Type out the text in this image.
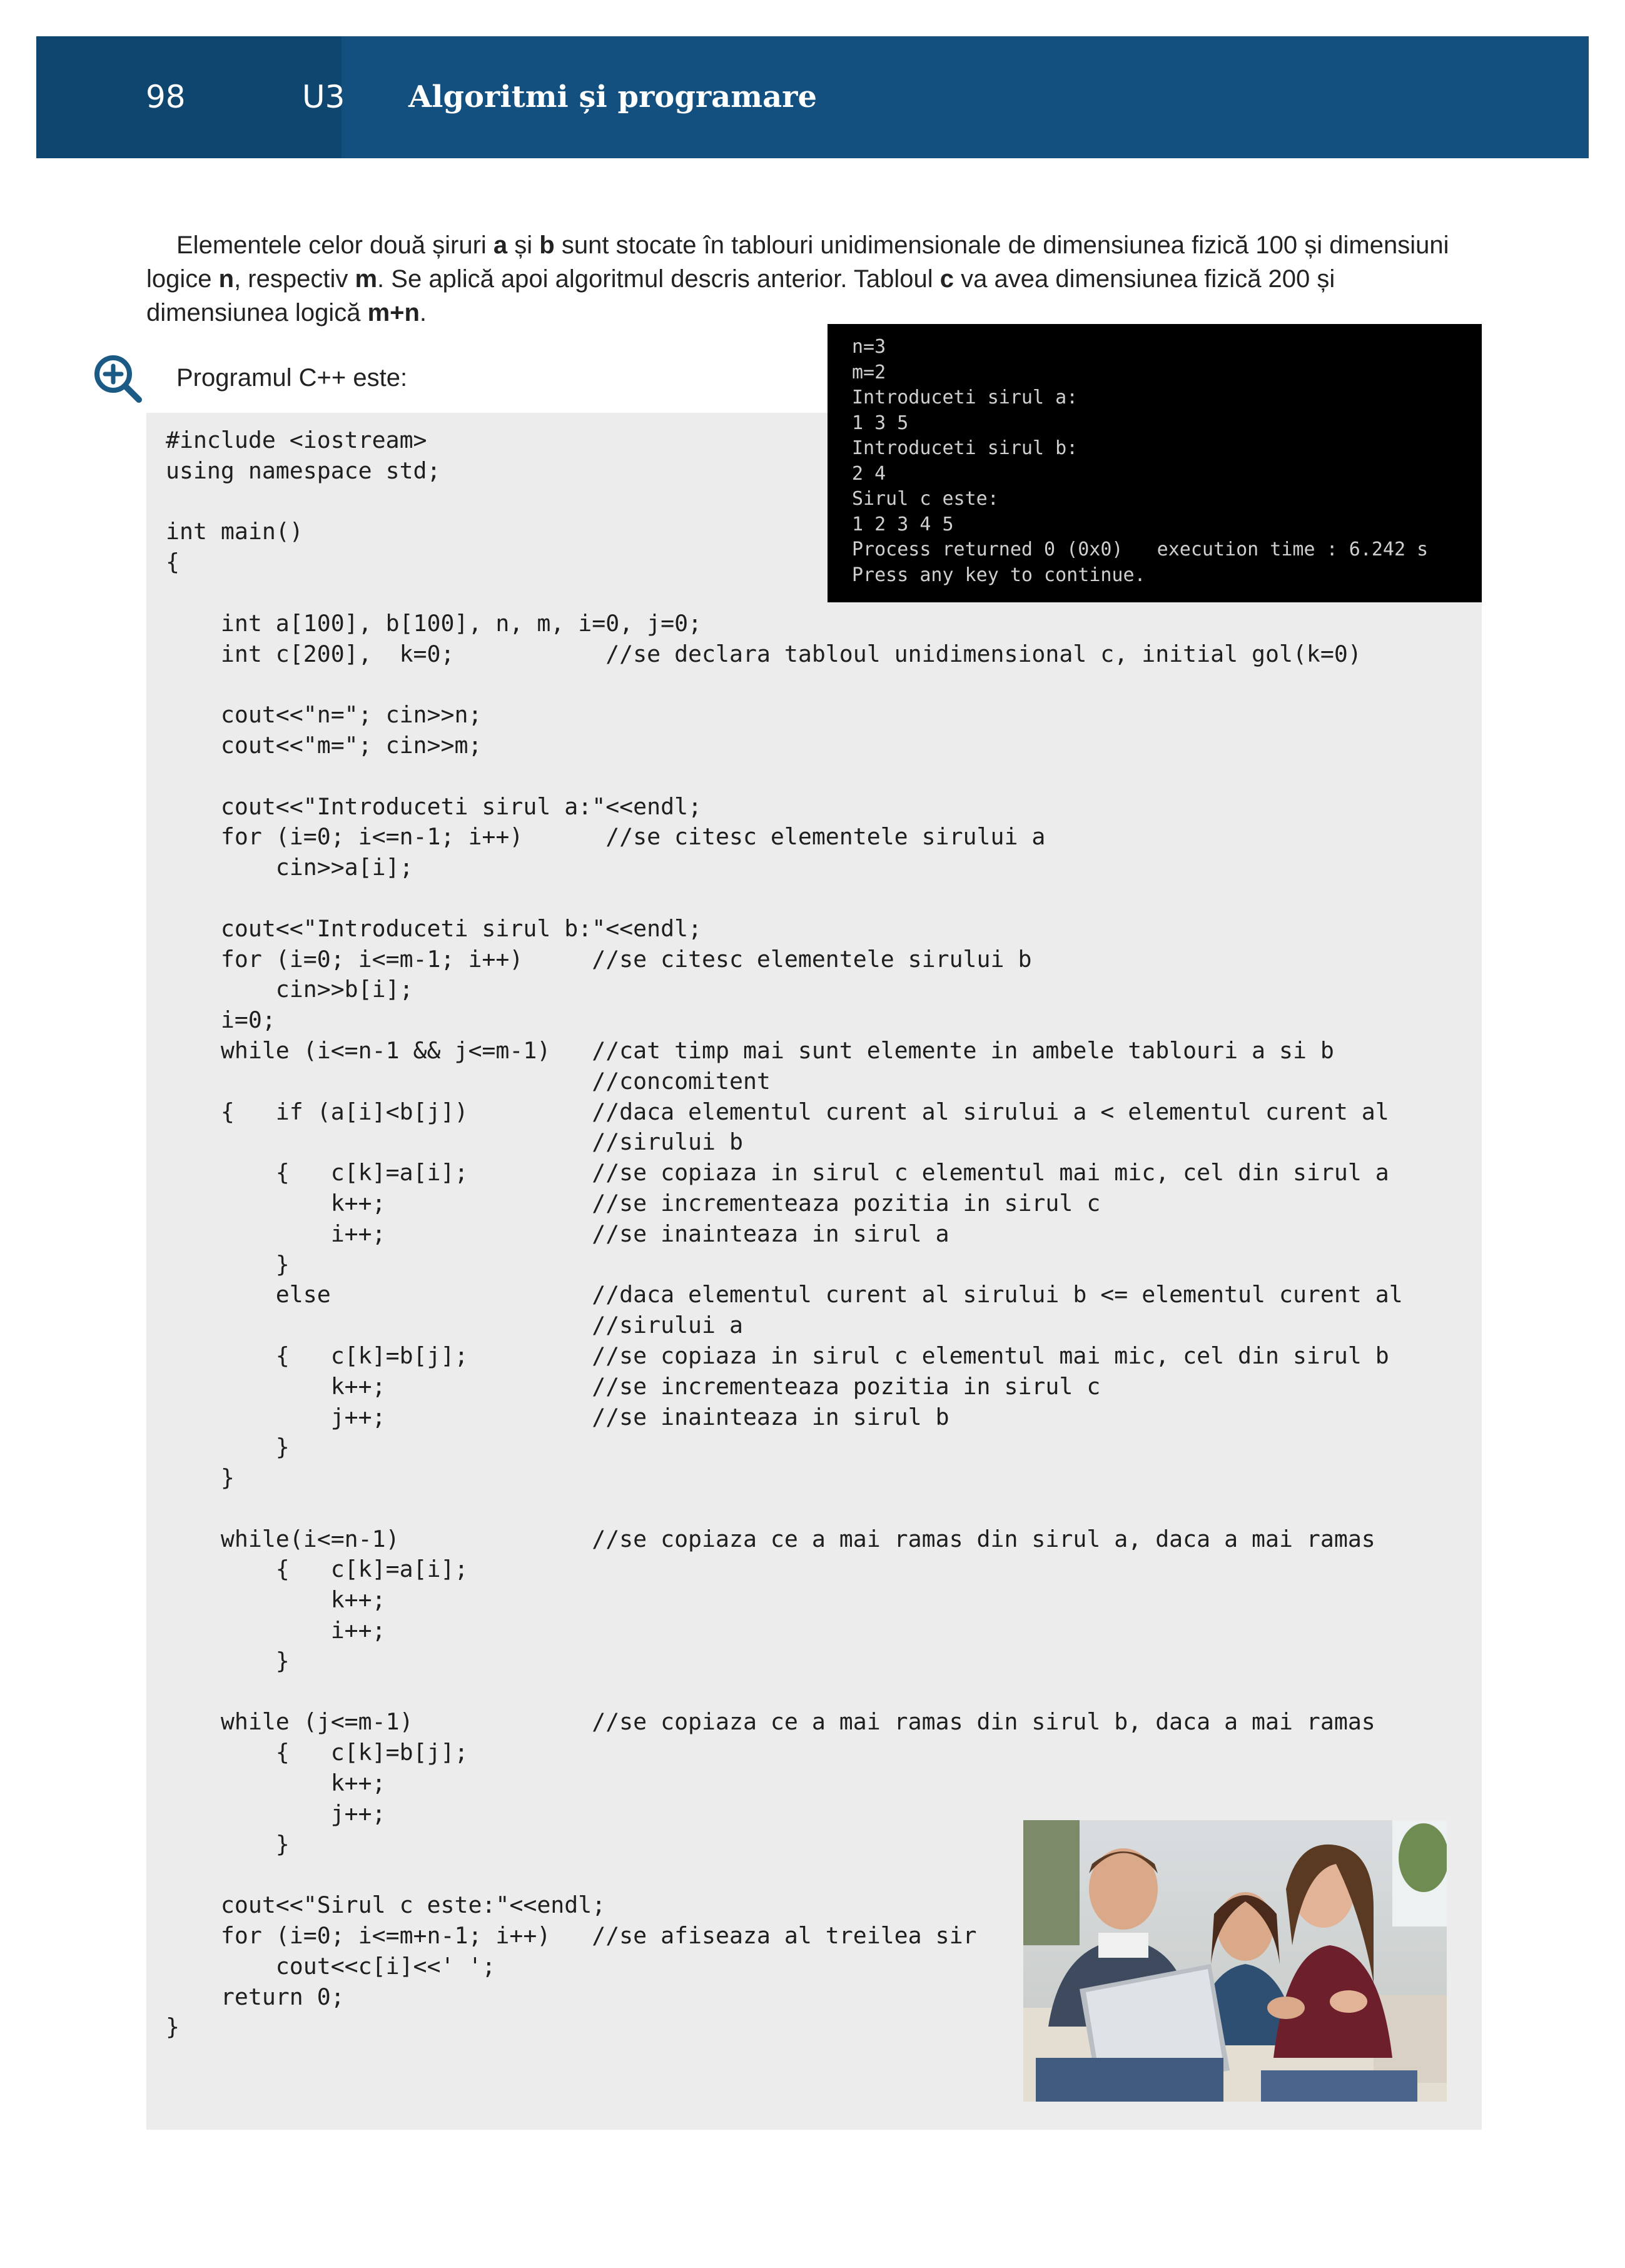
98	U3 Algoritmi și programare

Elementele celor două șiruri a și b sunt stocate în tablouri unidimensionale de dimensiunea fizică 100 și dimensiuni logice n, respectiv m. Se aplică apoi algoritmul descris anterior. Tabloul c va avea dimensiunea fizică 200 și dimensiunea logică m+n.

Programul C++ este:
#include <iostream>
using namespace std;

int main()
{

int a[100], b[100], n, m, i=0, j=0;
int c[200],  k=0;           //se declara tabloul unidimensional c, initial gol(k=0)

cout<<"n="; cin>>n;
cout<<"m="; cin>>m;

cout<<"Introduceti sirul a:"<<endl;
for (i=0; i<=n-1; i++)      //se citesc elementele sirului a
cin>>a[i];

cout<<"Introduceti sirul b:"<<endl;
for (i=0; i<=m-1; i++)     //se citesc elementele sirului b
cin>>b[i];
i=0;
while (i<=n-1 && j<=m-1)   //cat timp mai sunt elemente in ambele tablouri a si b
//concomitent
{   if (a[i]<b[j])         //daca elementul curent al sirului a < elementul curent al
//sirului b
{   c[k]=a[i];         //se copiaza in sirul c elementul mai mic, cel din sirul a
k++;               //se incrementeaza pozitia in sirul c
i++;               //se inainteaza in sirul a
}
else                   //daca elementul curent al sirului b <= elementul curent al
//sirului a
{   c[k]=b[j];         //se copiaza in sirul c elementul mai mic, cel din sirul b
k++;               //se incrementeaza pozitia in sirul c
j++;               //se inainteaza in sirul b
}
}

while(i<=n-1)              //se copiaza ce a mai ramas din sirul a, daca a mai ramas
{   c[k]=a[i];
k++;
i++;
}

while (j<=m-1)             //se copiaza ce a mai ramas din sirul b, daca a mai ramas
{   c[k]=b[j];
k++;
j++;
}

cout<<"Sirul c este:"<<endl;
for (i=0; i<=m+n-1; i++)   //se afiseaza al treilea sir
cout<<c[i]<<' ';
return 0;
}
n=3
m=2
Introduceti sirul a:
1 3 5
Introduceti sirul b:
2 4
Sirul c este:
1 2 3 4 5
Process returned 0 (0x0)   execution time : 6.242 s
Press any key to continue.
